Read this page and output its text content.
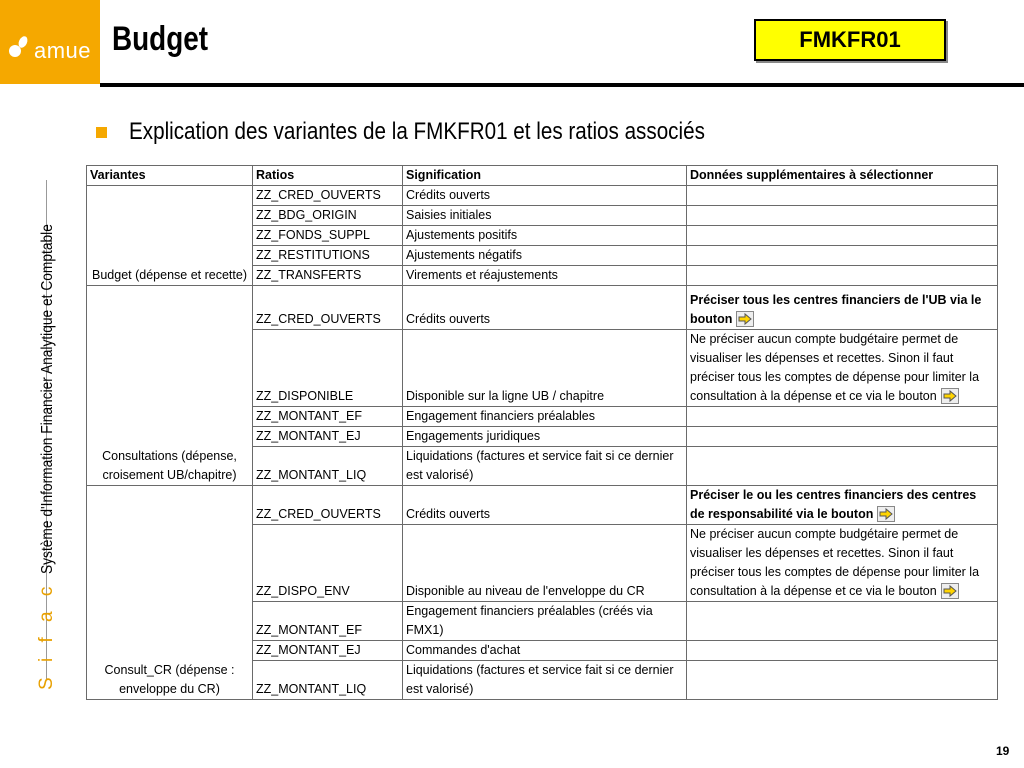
amue Budget	FMKFR01
S i f a cSystème d'Information Financier Analytique et Comptable
Explication des variantes de la FMKFR01 et les ratios associés
Variantes	Ratios	Signification	Données supplémentaires à sélectionner
Budget (dépense et recette)	ZZ_CRED_OUVERTS	Crédits ouverts	
	ZZ_BDG_ORIGIN	Saisies initiales	
	ZZ_FONDS_SUPPL	Ajustements positifs	
	ZZ_RESTITUTIONS	Ajustements négatifs	
	ZZ_TRANSFERTS	Virements et réajustements	
Consultations (dépense, croisement UB/chapitre)	ZZ_CRED_OUVERTS	Crédits ouverts	Préciser tous les centres financiers de l'UB via le bouton
	ZZ_DISPONIBLE	Disponible sur la ligne UB / chapitre	Ne préciser aucun compte budgétaire permet de visualiser les dépenses et recettes. Sinon il faut préciser tous les comptes de dépense pour limiter la consultation à la dépense et ce via le bouton
	ZZ_MONTANT_EF	Engagement financiers préalables	
	ZZ_MONTANT_EJ	Engagements juridiques	
	ZZ_MONTANT_LIQ	Liquidations (factures et service fait si ce dernier est valorisé)	
Consult_CR (dépense : enveloppe du CR)	ZZ_CRED_OUVERTS	Crédits ouverts	Préciser le ou les centres financiers des centres de responsabilité via le bouton
	ZZ_DISPO_ENV	Disponible au niveau de l'enveloppe du CR	Ne préciser aucun compte budgétaire permet de visualiser les dépenses et recettes. Sinon il faut préciser tous les comptes de dépense pour limiter la consultation à la dépense et ce via le bouton
	ZZ_MONTANT_EF	Engagement financiers préalables (créés via FMX1)	
	ZZ_MONTANT_EJ	Commandes d'achat	
	ZZ_MONTANT_LIQ	Liquidations (factures et service fait si ce dernier est valorisé)	
19
